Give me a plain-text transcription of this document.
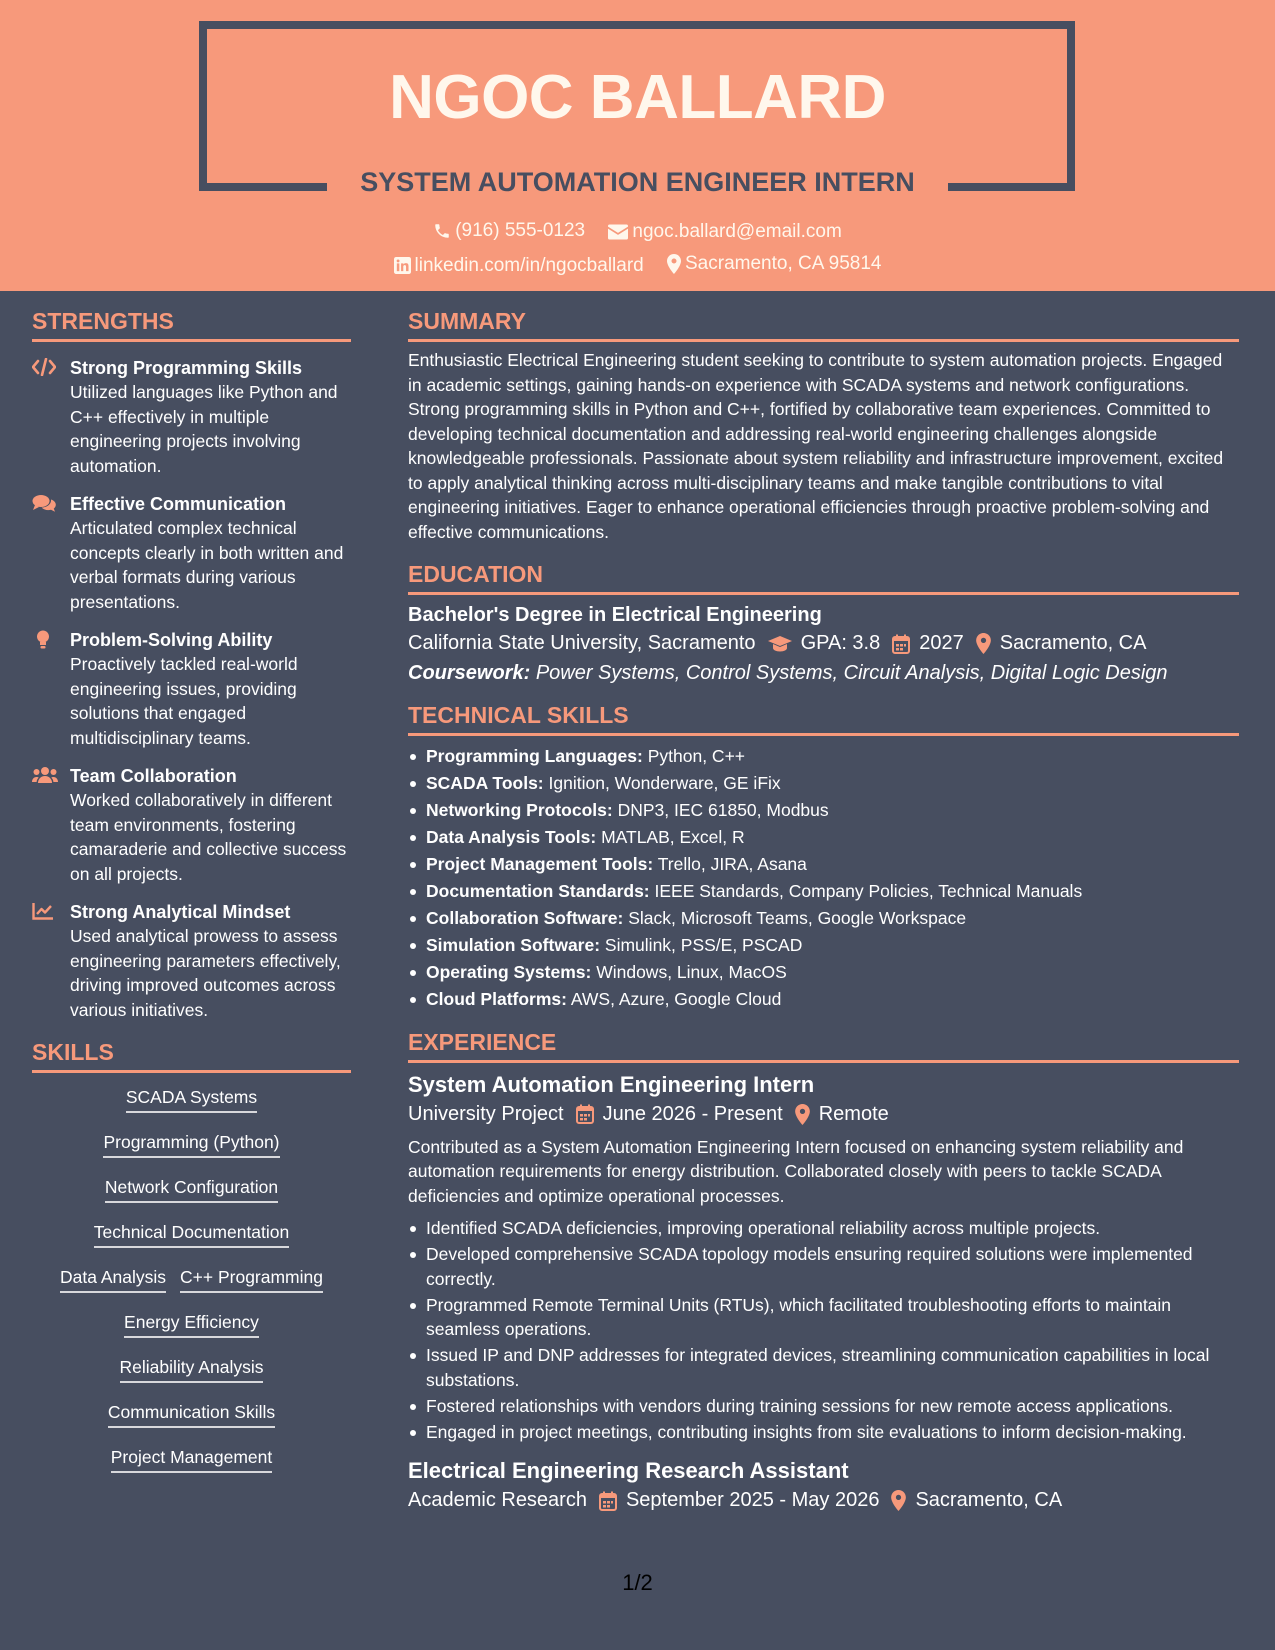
NGOC BALLARD
SYSTEM AUTOMATION ENGINEER INTERN
(916) 555-0123
ngoc.ballard@email.com
linkedin.com/in/ngocballard
Sacramento, CA 95814
STRENGTHS
Strong Programming Skills
Utilized languages like Python and C++ effectively in multiple engineering projects involving automation.
Effective Communication
Articulated complex technical concepts clearly in both written and verbal formats during various presentations.
Problem-Solving Ability
Proactively tackled real-world engineering issues, providing solutions that engaged multidisciplinary teams.
Team Collaboration
Worked collaboratively in different team environments, fostering camaraderie and collective success on all projects.
Strong Analytical Mindset
Used analytical prowess to assess engineering parameters effectively, driving improved outcomes across various initiatives.
SKILLS
SCADA Systems
Programming (Python)
Network Configuration
Technical Documentation
Data Analysis C++ Programming
Energy Efficiency
Reliability Analysis
Communication Skills
Project Management
SUMMARY
Enthusiastic Electrical Engineering student seeking to contribute to system automation projects. Engaged in academic settings, gaining hands-on experience with SCADA systems and network configurations. Strong programming skills in Python and C++, fortified by collaborative team experiences. Committed to developing technical documentation and addressing real-world engineering challenges alongside knowledgeable professionals. Passionate about system reliability and infrastructure improvement, excited to apply analytical thinking across multi-disciplinary teams and make tangible contributions to vital engineering initiatives. Eager to enhance operational efficiencies through proactive problem-solving and effective communications.
EDUCATION
Bachelor's Degree in Electrical Engineering
California State University, Sacramento GPA: 3.8 2027 Sacramento, CA
Coursework: Power Systems, Control Systems, Circuit Analysis, Digital Logic Design
TECHNICAL SKILLS
Programming Languages: Python, C++
SCADA Tools: Ignition, Wonderware, GE iFix
Networking Protocols: DNP3, IEC 61850, Modbus
Data Analysis Tools: MATLAB, Excel, R
Project Management Tools: Trello, JIRA, Asana
Documentation Standards: IEEE Standards, Company Policies, Technical Manuals
Collaboration Software: Slack, Microsoft Teams, Google Workspace
Simulation Software: Simulink, PSS/E, PSCAD
Operating Systems: Windows, Linux, MacOS
Cloud Platforms: AWS, Azure, Google Cloud
EXPERIENCE
System Automation Engineering Intern
University Project June 2026 - Present Remote
Contributed as a System Automation Engineering Intern focused on enhancing system reliability and automation requirements for energy distribution. Collaborated closely with peers to tackle SCADA deficiencies and optimize operational processes.
Identified SCADA deficiencies, improving operational reliability across multiple projects.
Developed comprehensive SCADA topology models ensuring required solutions were implemented correctly.
Programmed Remote Terminal Units (RTUs), which facilitated troubleshooting efforts to maintain seamless operations.
Issued IP and DNP addresses for integrated devices, streamlining communication capabilities in local substations.
Fostered relationships with vendors during training sessions for new remote access applications.
Engaged in project meetings, contributing insights from site evaluations to inform decision-making.
Electrical Engineering Research Assistant
Academic Research September 2025 - May 2026 Sacramento, CA
1/2
